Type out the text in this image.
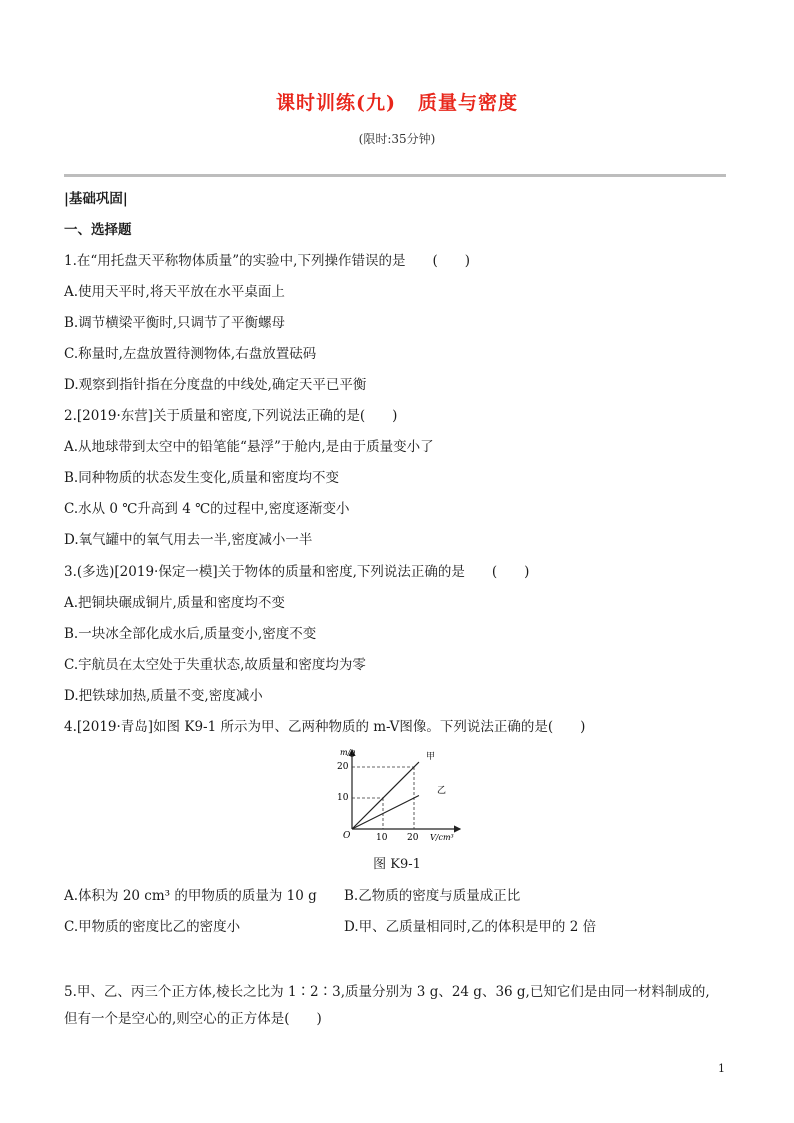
课时训练(九) 质量与密度
(限时:35分钟)
|基础巩固|
一、选择题
1.在“用托盘天平称物体质量”的实验中,下列操作错误的是　　(　　)
A.使用天平时,将天平放在水平桌面上
B.调节横梁平衡时,只调节了平衡螺母
C.称量时,左盘放置待测物体,右盘放置砝码
D.观察到指针指在分度盘的中线处,确定天平已平衡
2.[2019·东营]关于质量和密度,下列说法正确的是(　　)
A.从地球带到太空中的铅笔能“悬浮”于舱内,是由于质量变小了
B.同种物质的状态发生变化,质量和密度均不变
C.水从 0 ℃升高到 4 ℃的过程中,密度逐渐变小
D.氧气罐中的氧气用去一半,密度减小一半
3.(多选)[2019·保定一模]关于物体的质量和密度,下列说法正确的是　　(　　)
A.把铜块碾成铜片,质量和密度均不变
B.一块冰全部化成水后,质量变小,密度不变
C.宇航员在太空处于失重状态,故质量和密度均为零
D.把铁球加热,质量不变,密度减小
4.[2019·青岛]如图 K9-1 所示为甲、乙两种物质的 m-V图像。下列说法正确的是(　　)
m/g
V/cm³
O
20
10
10 20
甲
乙
图 K9-1
A.体积为 20 cm³ 的甲物质的质量为 10 g B.乙物质的密度与质量成正比
C.甲物质的密度比乙的密度小	D.甲、乙质量相同时,乙的体积是甲的 2 倍
5.甲、乙、丙三个正方体,棱长之比为 1∶2∶3,质量分别为 3 g、24 g、36 g,已知它们是由同一材料制成的,
但有一个是空心的,则空心的正方体是(　　)
1
